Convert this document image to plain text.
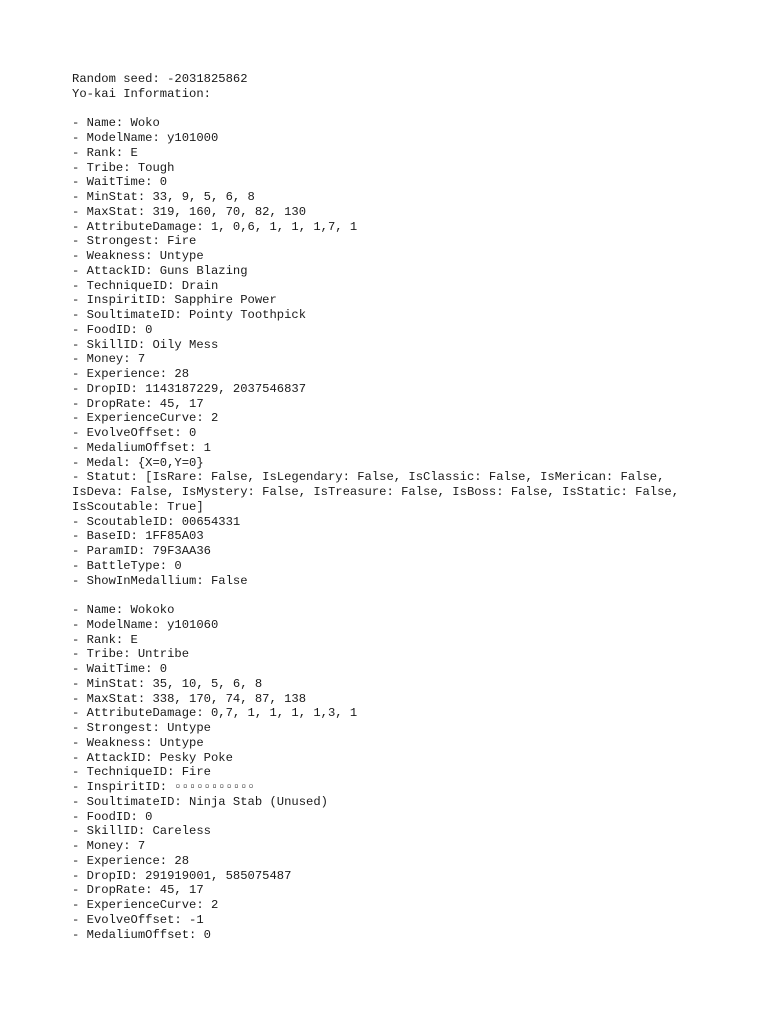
Random seed: -2031825862
Yo-kai Information:
- Name: Woko
- ModelName: y101000
- Rank: E
- Tribe: Tough
- WaitTime: 0
- MinStat: 33, 9, 5, 6, 8
- MaxStat: 319, 160, 70, 82, 130
- AttributeDamage: 1, 0,6, 1, 1, 1,7, 1
- Strongest: Fire
- Weakness: Untype
- AttackID: Guns Blazing
- TechniqueID: Drain
- InspiritID: Sapphire Power
- SoultimateID: Pointy Toothpick
- FoodID: 0
- SkillID: Oily Mess
- Money: 7
- Experience: 28
- DropID: 1143187229, 2037546837
- DropRate: 45, 17
- ExperienceCurve: 2
- EvolveOffset: 0
- MedaliumOffset: 1
- Medal: {X=0,Y=0}
- Statut: [IsRare: False, IsLegendary: False, IsClassic: False, IsMerican: False,
IsDeva: False, IsMystery: False, IsTreasure: False, IsBoss: False, IsStatic: False,
IsScoutable: True]
- ScoutableID: 00654331
- BaseID: 1FF85A03
- ParamID: 79F3AA36
- BattleType: 0
- ShowInMedallium: False
- Name: Wokoko
- ModelName: y101060
- Rank: E
- Tribe: Untribe
- WaitTime: 0
- MinStat: 35, 10, 5, 6, 8
- MaxStat: 338, 170, 74, 87, 138
- AttributeDamage: 0,7, 1, 1, 1, 1,3, 1
- Strongest: Untype
- Weakness: Untype
- AttackID: Pesky Poke
- TechniqueID: Fire
- InspiritID: ▫▫▫▫▫▫▫▫▫▫▫
- SoultimateID: Ninja Stab (Unused)
- FoodID: 0
- SkillID: Careless
- Money: 7
- Experience: 28
- DropID: 291919001, 585075487
- DropRate: 45, 17
- ExperienceCurve: 2
- EvolveOffset: -1
- MedaliumOffset: 0
